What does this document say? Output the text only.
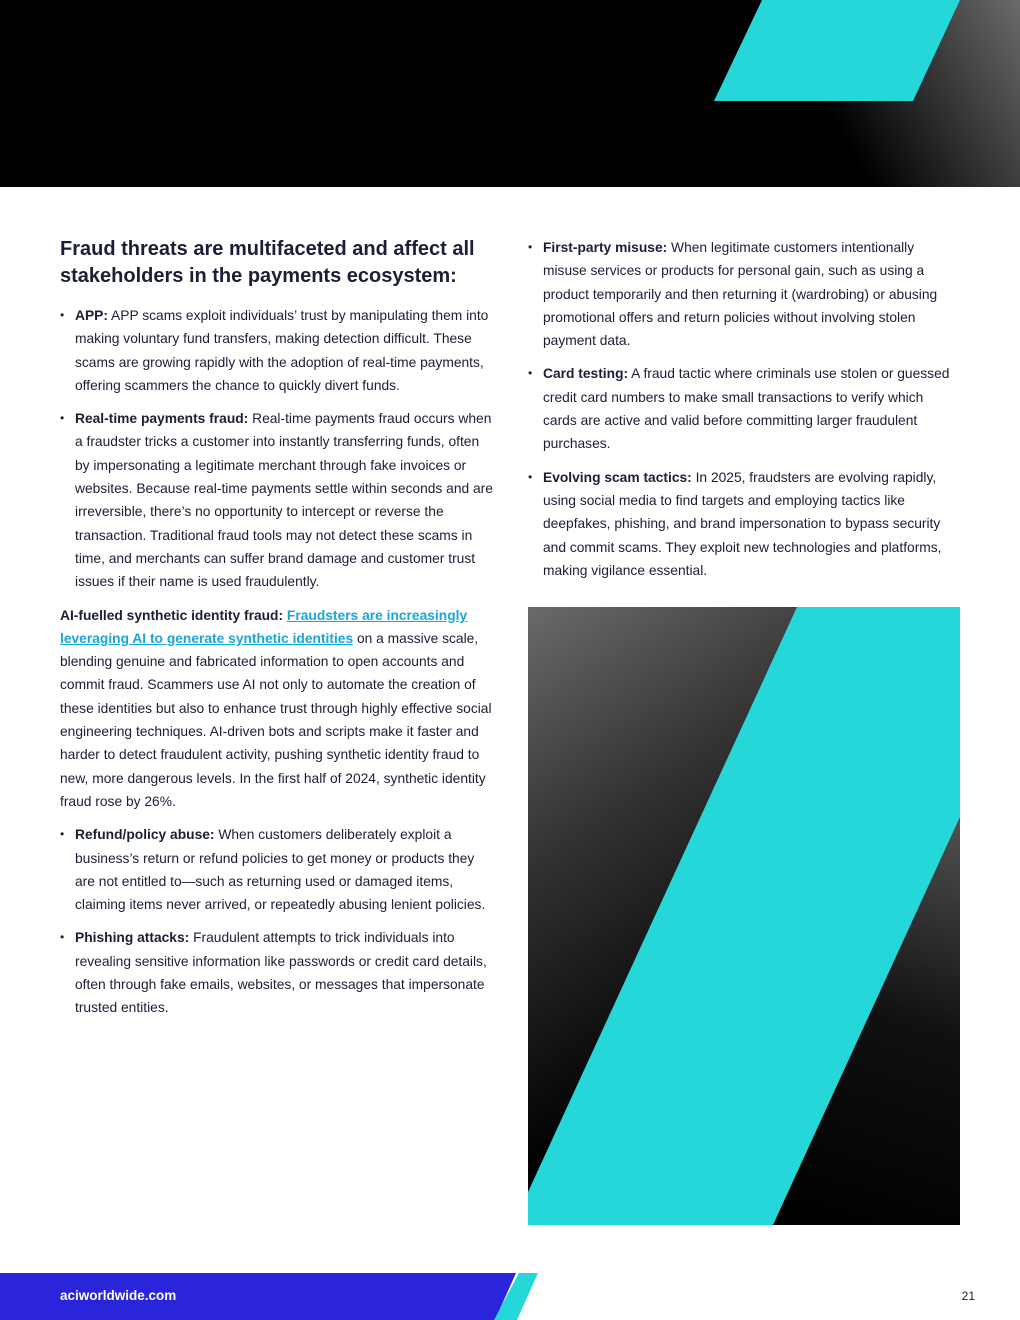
Fraud threats are multifaceted and affect all stakeholders in the payments ecosystem:
• APP: APP scams exploit individuals’ trust by manipulating them into making voluntary fund transfers, making detection difficult. These scams are growing rapidly with the adoption of real-time payments, offering scammers the chance to quickly divert funds.
• Real-time payments fraud: Real-time payments fraud occurs when a fraudster tricks a customer into instantly transferring funds, often by impersonating a legitimate merchant through fake invoices or websites. Because real-time payments settle within seconds and are irreversible, there’s no opportunity to intercept or reverse the transaction. Traditional fraud tools may not detect these scams in time, and merchants can suffer brand damage and customer trust issues if their name is used fraudulently.

AI-fuelled synthetic identity fraud: Fraudsters are increasingly leveraging AI to generate synthetic identities on a massive scale, blending genuine and fabricated information to open accounts and commit fraud. Scammers use AI not only to automate the creation of these identities but also to enhance trust through highly effective social engineering techniques. AI-driven bots and scripts make it faster and harder to detect fraudulent activity, pushing synthetic identity fraud to new, more dangerous levels. In the first half of 2024, synthetic identity fraud rose by 26%.

• Refund/policy abuse: When customers deliberately exploit a business’s return or refund policies to get money or products they are not entitled to—such as returning used or damaged items, claiming items never arrived, or repeatedly abusing lenient policies.
• Phishing attacks: Fraudulent attempts to trick individuals into revealing sensitive information like passwords or credit card details, often through fake emails, websites, or messages that impersonate trusted entities.
• First-party misuse: When legitimate customers intentionally misuse services or products for personal gain, such as using a product temporarily and then returning it (wardrobing) or abusing promotional offers and return policies without involving stolen payment data.
• Card testing: A fraud tactic where criminals use stolen or guessed credit card numbers to make small transactions to verify which cards are active and valid before committing larger fraudulent purchases.
• Evolving scam tactics: In 2025, fraudsters are evolving rapidly, using social media to find targets and employing tactics like deepfakes, phishing, and brand impersonation to bypass security and commit scams. They exploit new technologies and platforms, making vigilance essential.
aciworldwide.com	21
